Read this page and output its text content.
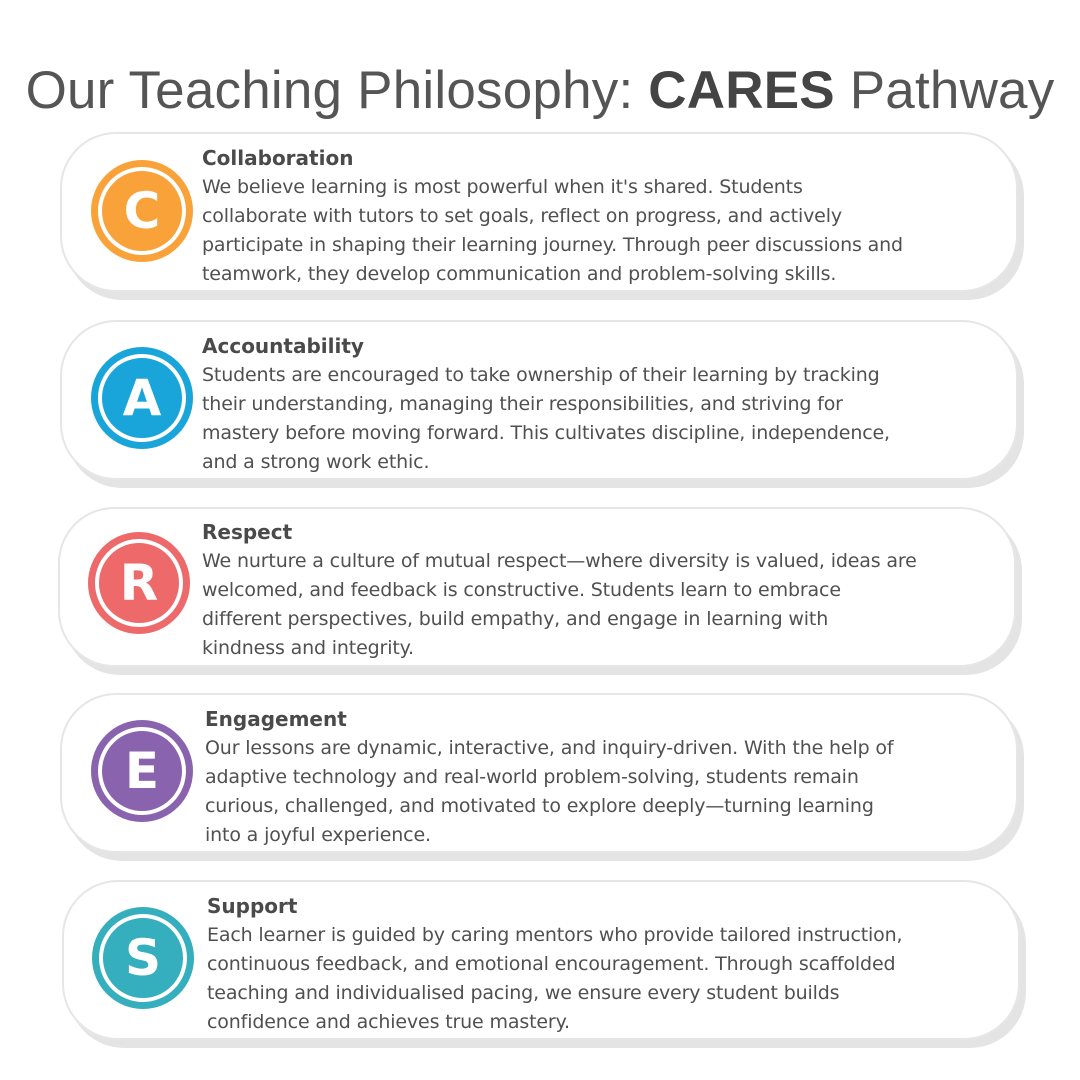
Our Teaching Philosophy: CARES Pathway
C
Collaboration
We believe learning is most powerful when it's shared. Students
collaborate with tutors to set goals, reflect on progress, and actively
participate in shaping their learning journey. Through peer discussions and
teamwork, they develop communication and problem-solving skills.
A
Accountability
Students are encouraged to take ownership of their learning by tracking
their understanding, managing their responsibilities, and striving for
mastery before moving forward. This cultivates discipline, independence,
and a strong work ethic.
R
Respect
We nurture a culture of mutual respect—where diversity is valued, ideas are
welcomed, and feedback is constructive. Students learn to embrace
different perspectives, build empathy, and engage in learning with
kindness and integrity.
E
Engagement
Our lessons are dynamic, interactive, and inquiry-driven. With the help of
adaptive technology and real-world problem-solving, students remain
curious, challenged, and motivated to explore deeply—turning learning
into a joyful experience.
S
Support
Each learner is guided by caring mentors who provide tailored instruction,
continuous feedback, and emotional encouragement. Through scaffolded
teaching and individualised pacing, we ensure every student builds
confidence and achieves true mastery.
